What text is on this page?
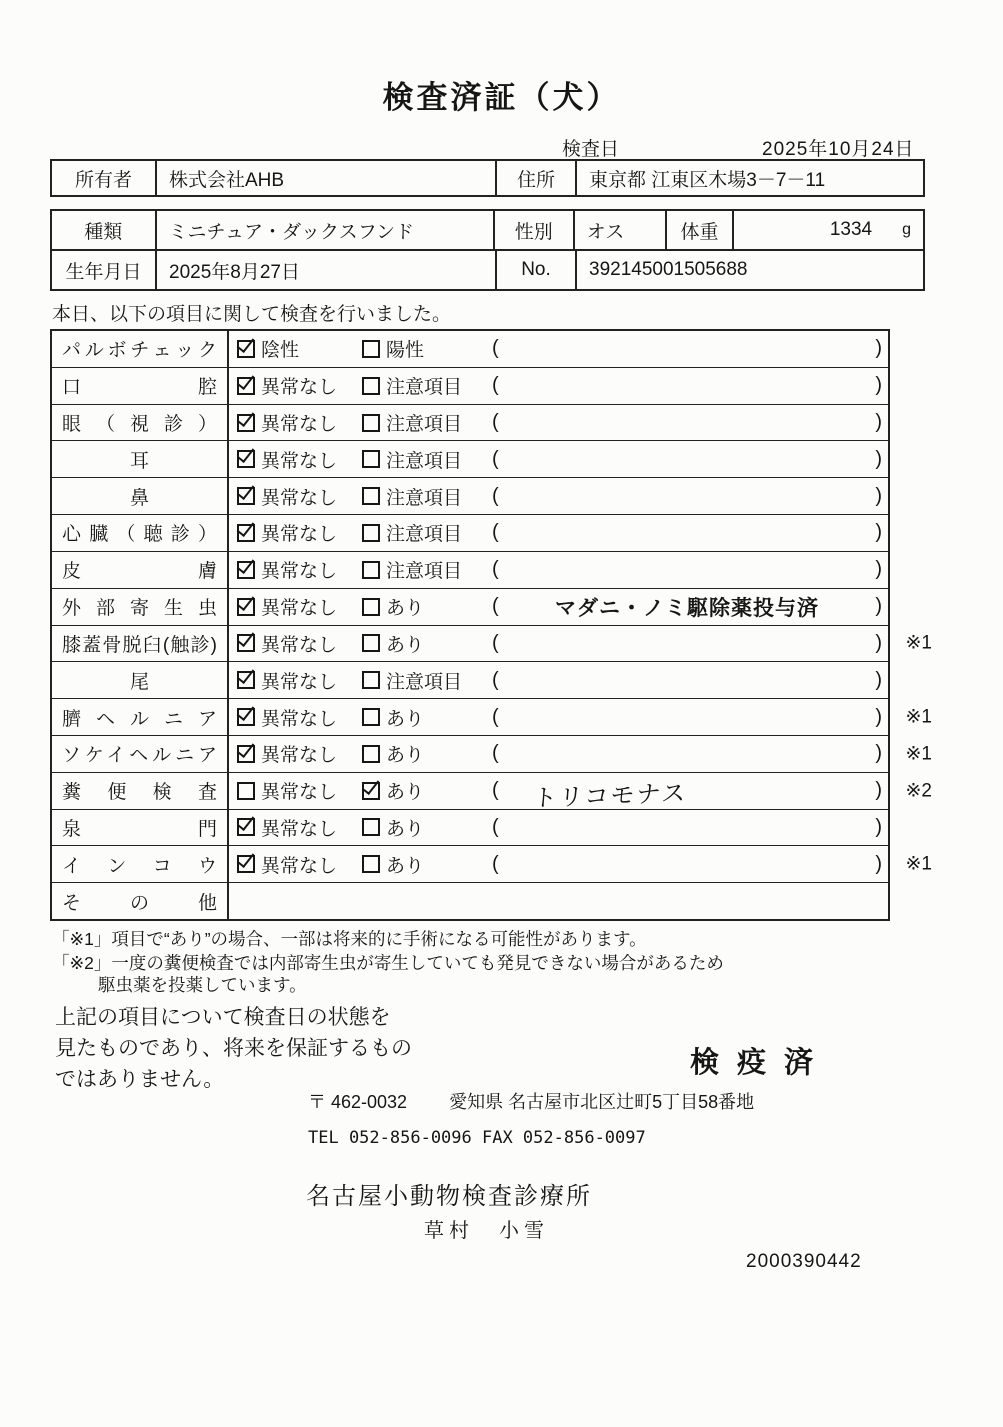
検査済証（犬）
検査日	2025年10月24日
所有者	株式会社AHB	住所	東京都 江東区木場3－7－11
種類	ミニチュア・ダックスフンド	性別	オス	体重	1334 g
生年月日	2025年8月27日	No.	392145001505688
本日、以下の項目に関して検査を行いました。
パルボチェック 陰性	陽性	(	)
口腔 異常なし	注意項目 (	)
眼（視診） 異常なし	注意項目 (	)
耳	異常なし	注意項目 (	)
鼻	異常なし	注意項目 (	)
心臓（聴診） 異常なし	注意項目 (	)
皮膚 異常なし	注意項目 (	)
外部寄生虫 異常なし	あり	(	マダニ・ノミ駆除薬投与済	)
膝蓋骨脱臼(触診) 異常なし	あり	(	) ※1
尾	異常なし	注意項目 (	)
臍ヘルニア 異常なし	あり	(	) ※1
ソケイヘルニア 異常なし	あり	(	) ※1
糞便検査 異常なし	あり	(	トリコモナス	) ※2
泉門 異常なし	あり	(	)
インコウ 異常なし	あり	(	) ※1
その他
「※1」項目で“あり”の場合、一部は将来的に手術になる可能性があります。
「※2」一度の糞便検査では内部寄生虫が寄生していても発見できない場合があるため
駆虫薬を投薬しています。
上記の項目について検査日の状態を
見たものであり、将来を保証するもの
ではありません。
検疫済
〒 462-0032 愛知県 名古屋市北区辻町5丁目58番地
TEL 052-856-0096 FAX 052-856-0097
名古屋小動物検査診療所
草村　小雪
2000390442
